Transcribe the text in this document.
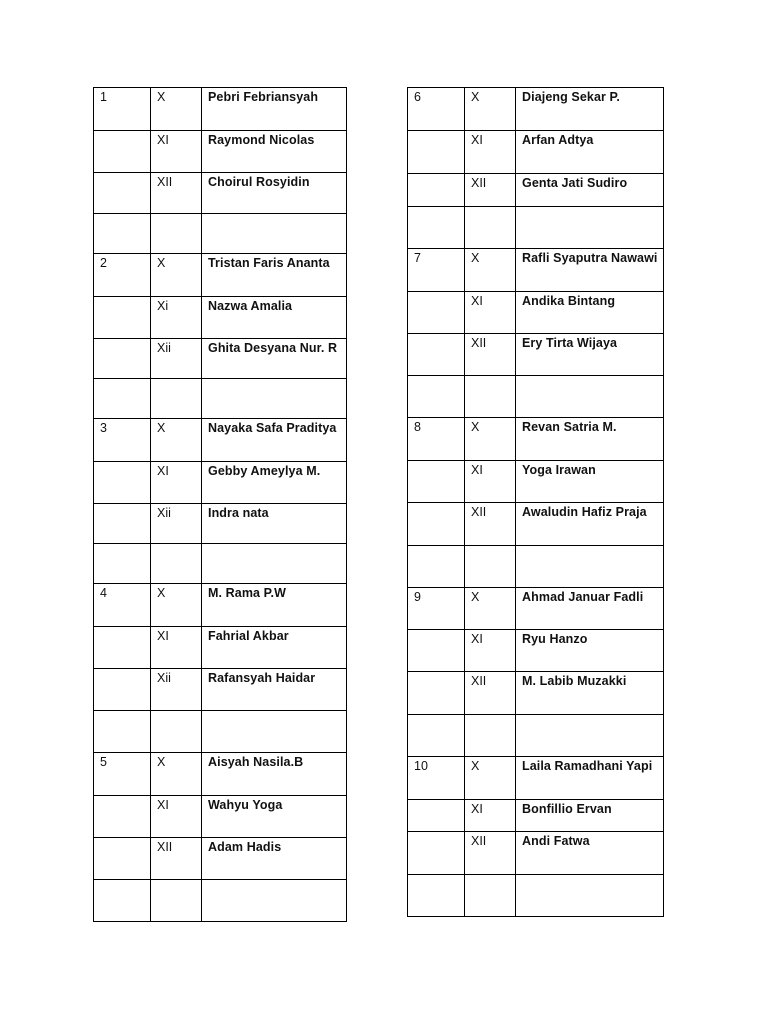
1	X	Pebri Febriansyah
	XI	Raymond Nicolas
	XII	Choirul Rosyidin

2	X	Tristan Faris Ananta
	Xi	Nazwa Amalia
	Xii	Ghita Desyana Nur. R

3	X	Nayaka Safa Praditya
	XI	Gebby Ameylya M.
	Xii	Indra nata

4	X	M. Rama P.W
	XI	Fahrial Akbar
	Xii	Rafansyah Haidar

5	X	Aisyah Nasila.B
	XI	Wahyu Yoga
	XII	Adam Hadis

6	X	Diajeng Sekar P.
	XI	Arfan Adtya
	XII	Genta Jati Sudiro

7	X	Rafli Syaputra Nawawi
	XI	Andika Bintang
	XII	Ery Tirta Wijaya

8	X	Revan Satria M.
	XI	Yoga Irawan
	XII	Awaludin Hafiz Praja

9	X	Ahmad Januar Fadli
	XI	Ryu Hanzo
	XII	M. Labib Muzakki

10	X	Laila Ramadhani Yapi
	XI	Bonfillio Ervan
	XII	Andi Fatwa
